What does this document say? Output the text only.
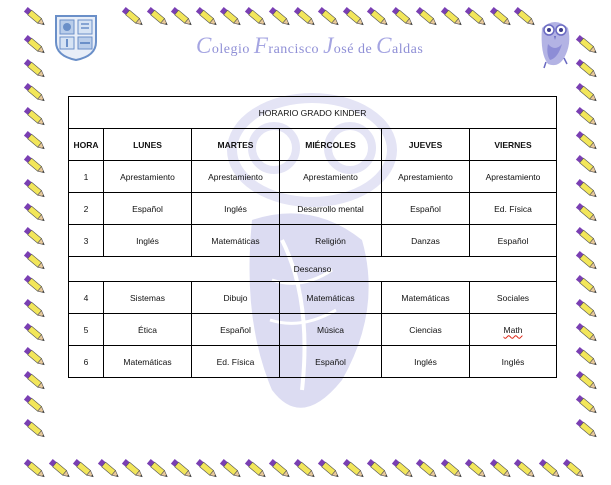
Colegio Francisco José de Caldas
HORARIO GRADO KINDER					
HORA	LUNES	MARTES	MIÉRCOLES	JUEVES	VIERNES
1	Aprestamiento	Aprestamiento	Aprestamiento	Aprestamiento	Aprestamiento
2	Español	Inglés	Desarrollo mental	Español	Ed. Física
3	Inglés	Matemáticas	Religión	Danzas	Español
Descanso					
4	Sistemas	Dibujo	Matemáticas	Matemáticas	Sociales
5	Ética	Español	Música	Ciencias	Math
6	Matemáticas	Ed. Física	Español	Inglés	Inglés
